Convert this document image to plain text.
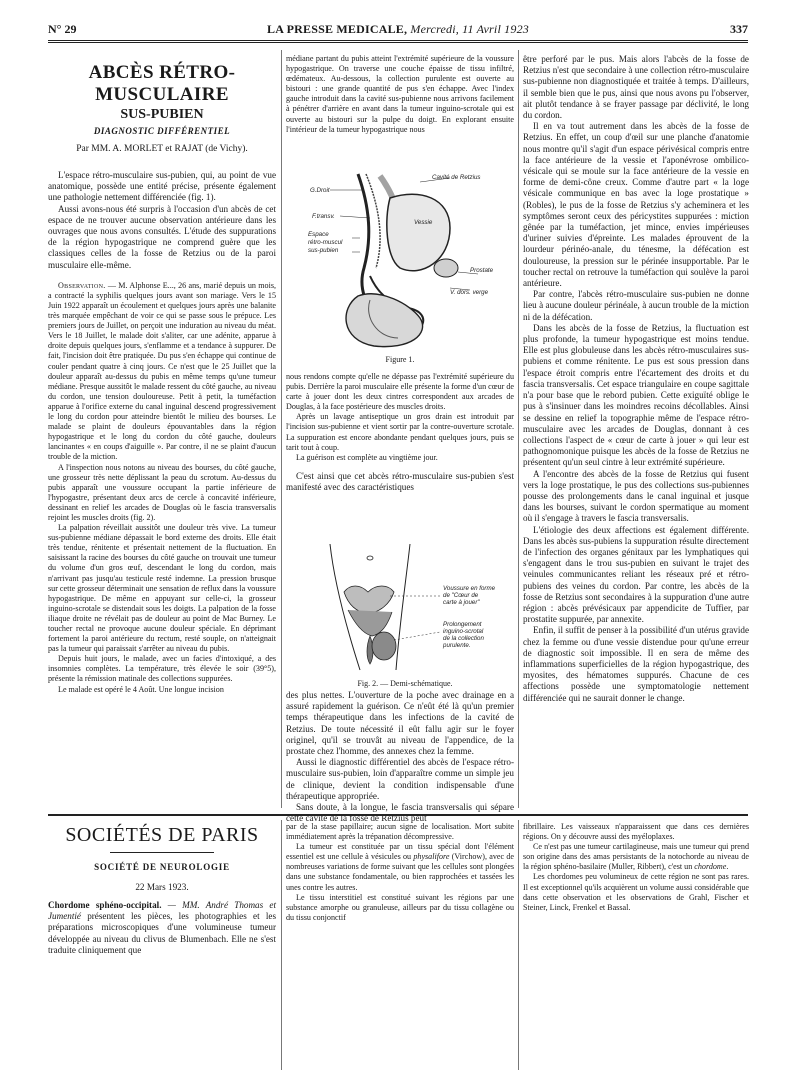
N° 29	LA PRESSE MEDICALE, Mercredi, 11 Avril 1923	337
ABCÈS RÉTRO-MUSCULAIRE
SUS-PUBIEN
DIAGNOSTIC DIFFÉRENTIEL
Par MM. A. MORLET et RAJAT (de Vichy).

L'espace rétro-musculaire sus-pubien, qui, au point de vue anatomique, possède une entité précise, présente également une pathologie nettement différenciée (fig. 1).

Aussi avons-nous été surpris à l'occasion d'un abcès de cet espace de ne trouver aucune observation antérieure dans les ouvrages que nous avons consultés. L'étude des suppurations de la région hypogastrique ne comprend guère que les classiques celles de la fosse de Retzius ou de la paroi musculaire elle-même.

Observation. — M. Alphonse E..., 26 ans, marié depuis un mois, a contracté la syphilis quelques jours avant son mariage. Vers le 15 Juin 1922 apparaît un écoulement et quelques jours après une balanite très marquée empêchant de voir ce qui se passe sous le prépuce. Les premiers jours de Juillet, on perçoit une induration au niveau du méat. Vers le 18 Juillet, le malade doit s'aliter, car une adénite, apparue à droite depuis quelques jours, s'enflamme et a tendance à suppurer. De fait, l'incision doit être pratiquée. Du pus s'en échappe qui continue de couler pendant quatre à cinq jours. Ce n'est que le 25 Juillet que la douleur apparaît au-dessus du pubis en même temps qu'une tumeur médiane. Presque aussitôt le malade ressent du côté gauche, au niveau du cordon, une tension douloureuse. Petit à petit, la tuméfaction apparue à l'orifice externe du canal inguinal descend progressivement le long du cordon pour atteindre bientôt le milieu des bourses. Le malade se plaint de douleurs épouvantables dans la région hypogastrique et le long du cordon du côté gauche, douleurs lancinantes « en coups d'aiguille ». Par contre, il ne se plaint d'aucun trouble de la miction.

A l'inspection nous notons au niveau des bourses, du côté gauche, une grosseur très nette déplissant la peau du scrotum. Au-dessus du pubis apparaît une voussure occupant la partie inférieure de l'hypogastre, présentant deux arcs de cercle à concavité inférieure, dessinant en relief les arcades de Douglas où le fascia transversalis rejoint les muscles droits (fig. 2).

La palpation réveillait aussitôt une douleur très vive. La tumeur sus-pubienne médiane dépassait le bord externe des droits. Elle était très tendue, rénitente et présentait nettement de la fluctuation. En saisissant la racine des bourses du côté gauche on trouvait une tumeur du volume d'un gros œuf, descendant le long du cordon, mais n'arrivant pas jusqu'au testicule resté indemne. La pression brusque sur cette grosseur déterminait une sensation de reflux dans la voussure hypogastrique. De même en appuyant sur celle-ci, la grosseur inguino-scrotale se distendait sous les doigts. La palpation de la fosse iliaque droite ne révélait pas de douleur au point de Mac Burney. Le toucher rectal ne provoque aucune douleur spéciale. En déprimant fortement la paroi antérieure du rectum, resté souple, on n'atteignait pas la tumeur qui paraissait s'arrêter au niveau du pubis.

Depuis huit jours, le malade, avec un facies d'intoxiqué, a des insomnies complètes. La température, très élevée le soir (39°5), présente la rémission matinale des collections suppurées.

Le malade est opéré le 4 Août. Une longue incision

médiane partant du pubis atteint l'extrémité supérieure de la voussure hypogastrique. On traverse une couche épaisse de tissu infiltré, œdémateux. Au-dessous, la collection purulente est ouverte au bistouri : une grande quantité de pus s'en échappe. Avec l'index gauche introduit dans la cavité sus-pubienne nous arrivons facilement à pénétrer d'arrière en avant dans la tumeur inguino-scrotale qui est ouverte au bistouri sur la pulpe du doigt. En explorant ensuite l'intérieur de la tumeur hypogastrique nous

G.Droit
Cavité de Retzius
F.transv.
Vessie
Espace
rétro-muscul
sus-pubien
Prostate
V. dors. verge
Figure 1.

nous rendons compte qu'elle ne dépasse pas l'extrémité supérieure du pubis. Derrière la paroi musculaire elle présente la forme d'un cœur de carte à jouer dont les deux cintres correspondent aux arcades de Douglas, à la face postérieure des muscles droits.

Après un lavage antiseptique un gros drain est introduit par l'incision sus-pubienne et vient sortir par la contre-ouverture scrotale. La suppuration est encore abondante pendant quelques jours, puis se tarit tout à coup.

La guérison est complète au vingtième jour.

C'est ainsi que cet abcès rétro-musculaire sus-pubien s'est manifesté avec des caractéristiques

Voussure en forme
de "Cœur de
carte à jouer"
Prolongement
inguino-scrotal
de la collection
purulente.
Fig. 2. — Demi-schématique.

des plus nettes. L'ouverture de la poche avec drainage en a assuré rapidement la guérison. Ce n'eût été là qu'un premier temps thérapeutique dans les infections de la cavité de Retzius. De toute nécessité il eût fallu agir sur le foyer originel, qu'il se trouvât au niveau de l'appendice, de la prostate chez l'homme, des annexes chez la femme.

Aussi le diagnostic différentiel des abcès de l'espace rétro-musculaire sus-pubien, loin d'apparaître comme un simple jeu de clinique, devient la condition indispensable d'une thérapeutique appropriée.

Sans doute, à la longue, le fascia transversalis qui sépare cette cavité de la fosse de Retzius peut

être perforé par le pus. Mais alors l'abcès de la fosse de Retzius n'est que secondaire à une collection rétro-musculaire sus-pubienne non diagnostiquée et traitée à temps. D'ailleurs, il semble bien que le pus, ainsi que nous avons pu l'observer, ait plutôt tendance à se frayer passage par déclivité, le long du cordon.

Il en va tout autrement dans les abcès de la fosse de Retzius. En effet, un coup d'œil sur une planche d'anatomie nous montre qu'il s'agit d'un espace périvésical compris entre la face antérieure de la vessie et l'aponévrose ombilico-vésicale qui se moule sur la face antérieure de la vessie en forme de demi-cône creux. Comme d'autre part « la loge vésicale communique en bas avec la loge prostatique » (Robles), le pus de la fosse de Retzius s'y acheminera et les symptômes seront ceux des péricystites suppurées : miction gênée par la tuméfaction, jet mince, envies impérieuses d'uriner suivies d'épreinte. Les malades éprouvent de la lourdeur périnéo-anale, du ténesme, la défécation est douloureuse, la pression sur le périnée insupportable. Par le toucher rectal on retrouve la tuméfaction qui soulève la paroi antérieure.

Par contre, l'abcès rétro-musculaire sus-pubien ne donne lieu à aucune douleur périnéale, à aucun trouble de la miction ni de la défécation.

Dans les abcès de la fosse de Retzius, la fluctuation est plus profonde, la tumeur hypogastrique est moins tendue. Elle est plus globuleuse dans les abcès rétro-musculaires sus-pubiens et comme rénitente. Le pus est sous pression dans l'espace étroit compris entre l'écartement des droits et du fascia transversalis. Cet espace triangulaire en coupe sagittale n'a pour base que le rebord pubien. Cette exiguïté oblige le pus à s'insinuer dans les moindres recoins décollables. Ainsi se dessine en relief la topographie même de l'espace rétro-musculaire avec les arcades de Douglas, donnant à ces collections l'aspect de « cœur de carte à jouer » qui leur est pathognomonique puisque les abcès de la fosse de Retzius ne présentent qu'un seul cintre à leur extrémité supérieure.

A l'encontre des abcès de la fosse de Retzius qui fusent vers la loge prostatique, le pus des collections sus-pubiennes pousse des prolongements dans le canal inguinal et jusque dans les bourses, suivant le cordon spermatique au moment où il s'engage à travers le fascia transversalis.

L'étiologie des deux affections est également différente. Dans les abcès sus-pubiens la suppuration résulte directement de l'infection des organes génitaux par les lymphatiques qui s'engagent dans le trou sus-pubien en suivant le trajet des veinules communicantes reliant les réseaux pré et rétro-pubiens des veines du cordon. Par contre, les abcès de la fosse de Retzius sont secondaires à la suppuration d'une autre région : abcès prévésicaux par appendicite de Tuffier, par prostatite suppurée, par annexite.

Enfin, il suffit de penser à la possibilité d'un utérus gravide chez la femme ou d'une vessie distendue pour qu'une erreur de diagnostic soit impossible. Il en sera de même des inflammations superficielles de la région hypogastrique, des myosites, des hématomes suppurés. Chacune de ces affections possède une symptomatologie nettement différenciée qui ne saurait donner le change.

SOCIÉTÉS DE PARIS
SOCIÉTÉ DE NEUROLOGIE
22 Mars 1923.

Chordome sphéno-occipital. — MM. André Thomas et Jumentié présentent les pièces, les photographies et les préparations microscopiques d'une volumineuse tumeur développée au niveau du clivus de Blumenbach. Elle ne s'est traduite cliniquement que

par de la stase papillaire; aucun signe de localisation. Mort subite immédiatement après la trépanation décompressive.

La tumeur est constituée par un tissu spécial dont l'élément essentiel est une cellule à vésicules ou physalifore (Virchow), avec de nombreuses variations de forme suivant que les cellules sont plongées dans une substance fondamentale, ou bien rapprochées et tassées les unes contre les autres.

Le tissu interstitiel est constitué suivant les régions par une substance amorphe ou granuleuse, ailleurs par du tissu collagène ou du tissu conjonctif

fibrillaire. Les vaisseaux n'apparaissent que dans ces dernières régions. On y découvre aussi des myéloplaxes.

Ce n'est pas une tumeur cartilagineuse, mais une tumeur qui prend son origine dans des amas persistants de la notochorde au niveau de la région sphéno-basilaire (Muller, Ribbert), c'est un chordome.

Les chordomes peu volumineux de cette région ne sont pas rares. Il est exceptionnel qu'ils acquièrent un volume aussi considérable que dans cette observation et les observations de Grahl, Fischer et Steiner, Linck, Frenkel et Bassal.
